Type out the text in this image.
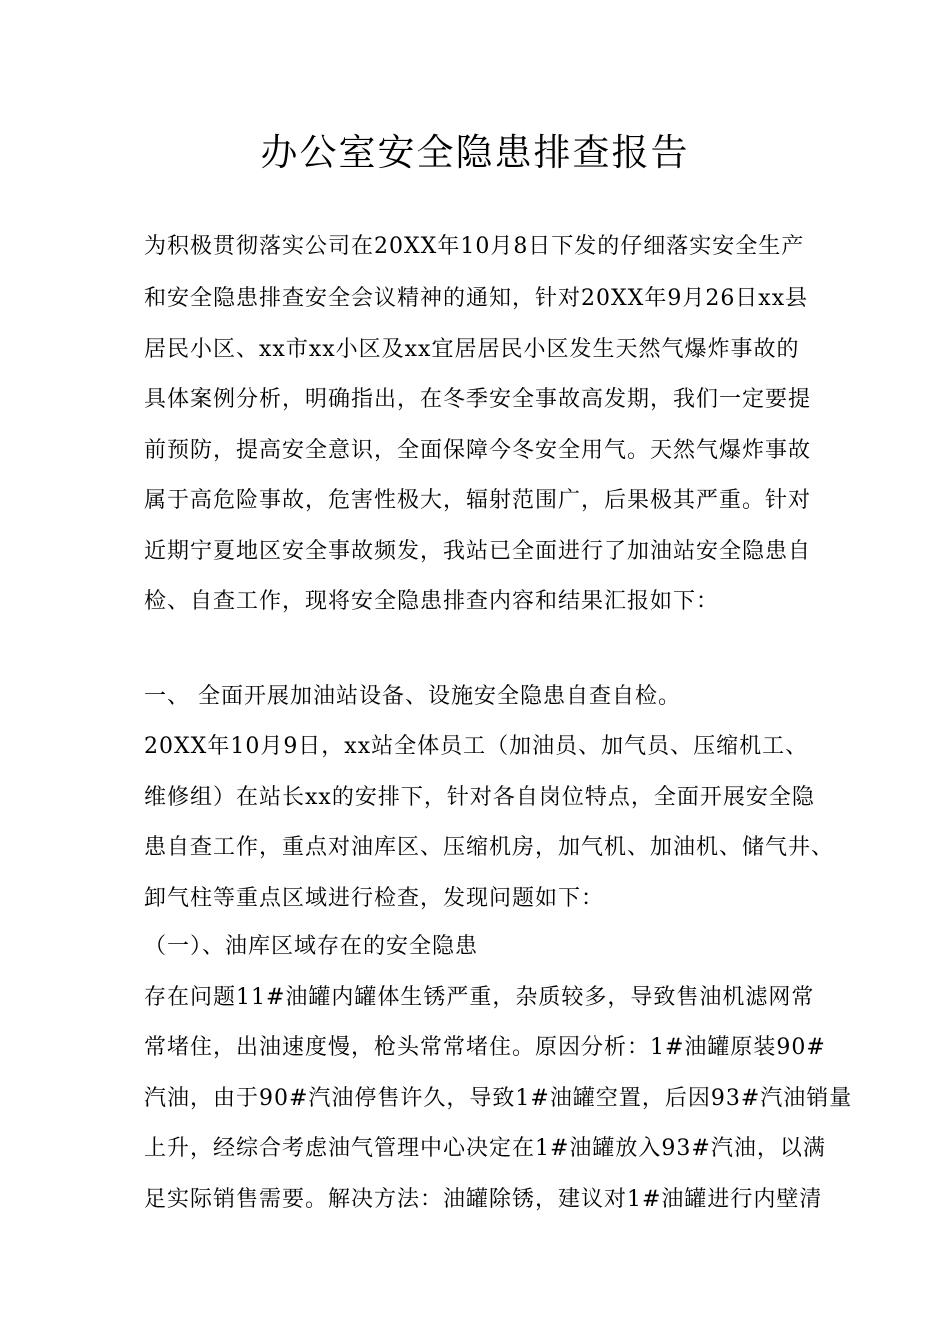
办公室安全隐患排查报告
为积极贯彻落实公司在20XX年10月8日下发的仔细落实安全生产
和安全隐患排查安全会议精神的通知，针对20XX年9月26日xx县
居民小区、xx市xx小区及xx宜居居民小区发生天然气爆炸事故的
具体案例分析，明确指出，在冬季安全事故高发期，我们一定要提
前预防，提高安全意识，全面保障今冬安全用气。天然气爆炸事故
属于高危险事故，危害性极大，辐射范围广，后果极其严重。针对
近期宁夏地区安全事故频发，我站已全面进行了加油站安全隐患自
检、自查工作，现将安全隐患排查内容和结果汇报如下：
一、 全面开展加油站设备、设施安全隐患自查自检。
20XX年10月9日，xx站全体员工（加油员、加气员、压缩机工、
维修组）在站长xx的安排下，针对各自岗位特点，全面开展安全隐
患自查工作，重点对油库区、压缩机房，加气机、加油机、储气井、
卸气柱等重点区域进行检查，发现问题如下：
（一）、油库区域存在的安全隐患
存在问题11#油罐内罐体生锈严重，杂质较多，导致售油机滤网常
常堵住，出油速度慢，枪头常常堵住。原因分析：1#油罐原装90#
汽油，由于90#汽油停售许久，导致1#油罐空置，后因93#汽油销量
上升，经综合考虑油气管理中心决定在1#油罐放入93#汽油，以满
足实际销售需要。解决方法：油罐除锈，建议对1#油罐进行内壁清
